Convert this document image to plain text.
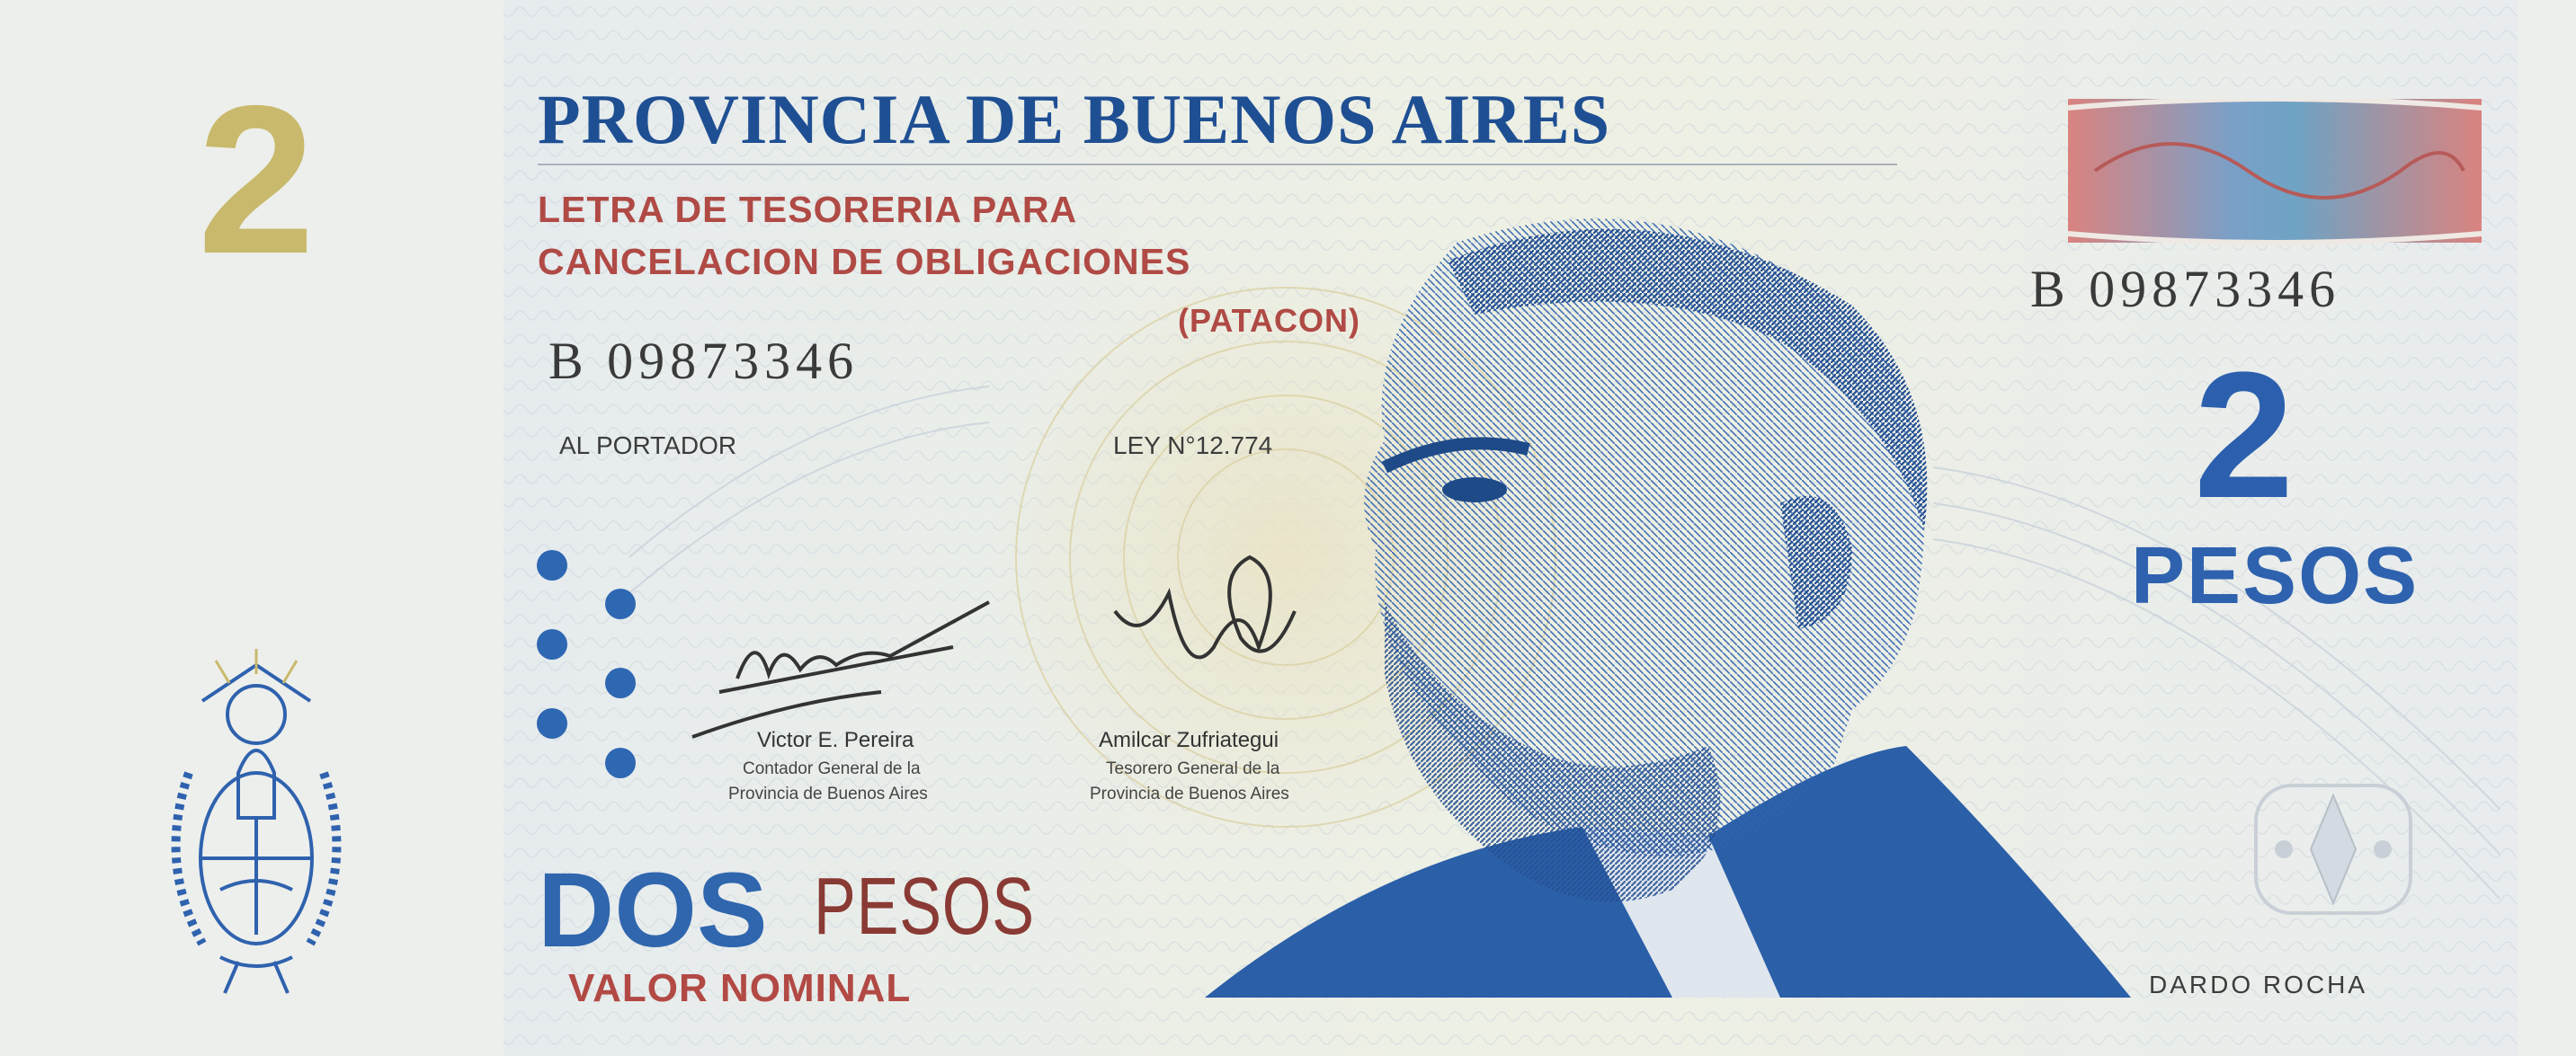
2	PROVINCIA DE BUENOS AIRES
LETRA DE TESORERIA PARA
CANCELACION DE OBLIGACIONES
(PATACON)
B 09873346
B 09873346
AL PORTADOR	LEY N°12.774
Victor E. Pereira
Contador General de la
Provincia de Buenos Aires
Amilcar Zufriategui
Tesorero General de la
Provincia de Buenos Aires
2
PESOS
DOS PESOS
VALOR NOMINAL	DARDO ROCHA
